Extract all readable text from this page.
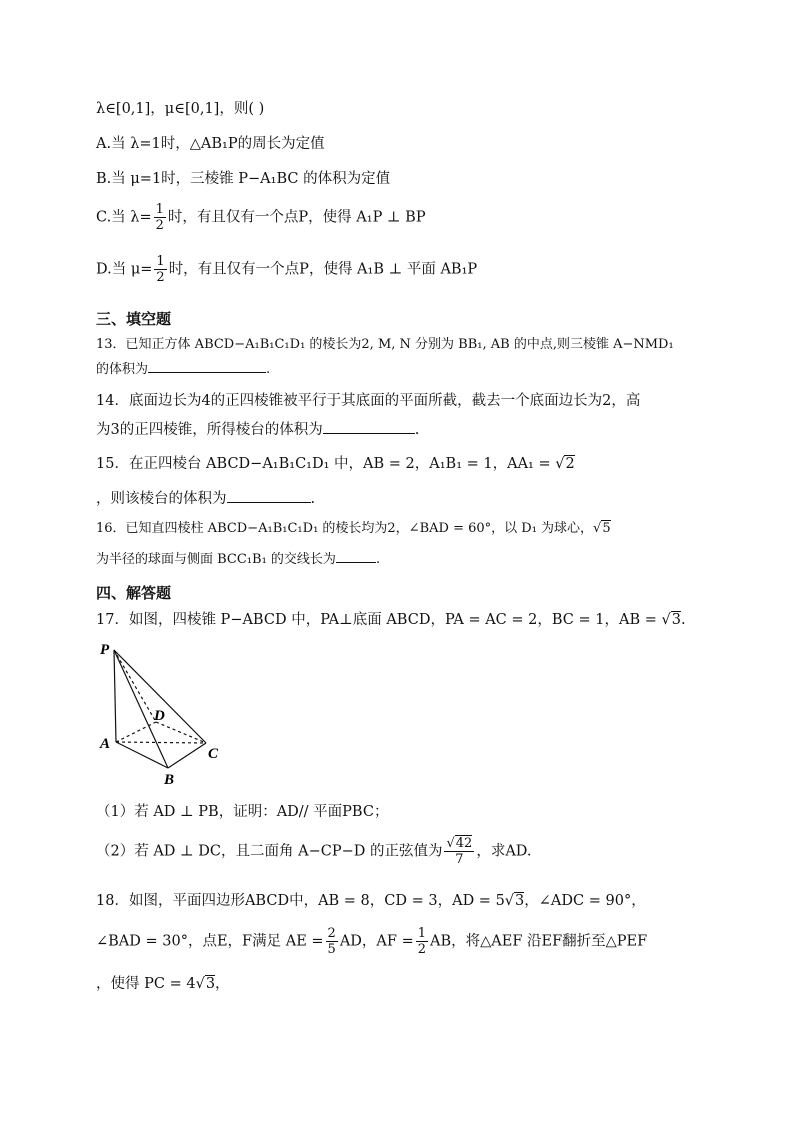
λ∈[0,1]，μ∈[0,1]，则( )
A.当 λ=1时，△AB₁P的周长为定值
B.当 μ=1时，三棱锥 P−A₁BC 的体积为定值
C.当 $\lambda= \frac{1}{2}$ 时，有且仅有一个点P，使得 A₁P ⊥ BP
D.当 $\mu= \frac{1}{2}$ 时，有且仅有一个点P，使得 A₁B ⊥ 平面 AB₁P
三、填空题
13．已知正方体 ABCD−A₁B₁C₁D₁ 的棱长为2, M, N 分别为 BB₁, AB 的中点,则三棱锥 A−NMD₁
的体积为	.
14．底面边长为4的正四棱锥被平行于其底面的平面所截，截去一个底面边长为2，高
为3的正四棱锥，所得棱台的体积为	.
15．在正四棱台 ABCD−A₁B₁C₁D₁ 中，AB = 2，A₁B₁ = 1，AA₁ = √2
，则该棱台的体积为	.
16．已知直四棱柱 ABCD−A₁B₁C₁D₁ 的棱长均为2，∠BAD = 60°，以 D₁ 为球心，√5
为半径的球面与侧面 BCC₁B₁ 的交线长为	.
四、解答题
17．如图，四棱锥 P−ABCD 中，PA⊥底面 ABCD，PA = AC = 2，BC = 1，AB = √3.
P
D
A
C
B
（1）若 AD ⊥ PB，证明：AD// 平面PBC；
（2）若 AD ⊥ DC，且二面角 A−CP−D 的正弦值为 $\frac{√42}{7}$ ，求AD.
18．如图，平面四边形ABCD中，AB = 8，CD = 3，AD = 5√3，∠ADC = 90°，
∠BAD = 30°，点E，F满足 AE = $\frac{2}{5}$ AD，AF = $\frac{1}{2}$ AB，将△AEF 沿EF翻折至△PEF
，使得 PC = 4√3，
